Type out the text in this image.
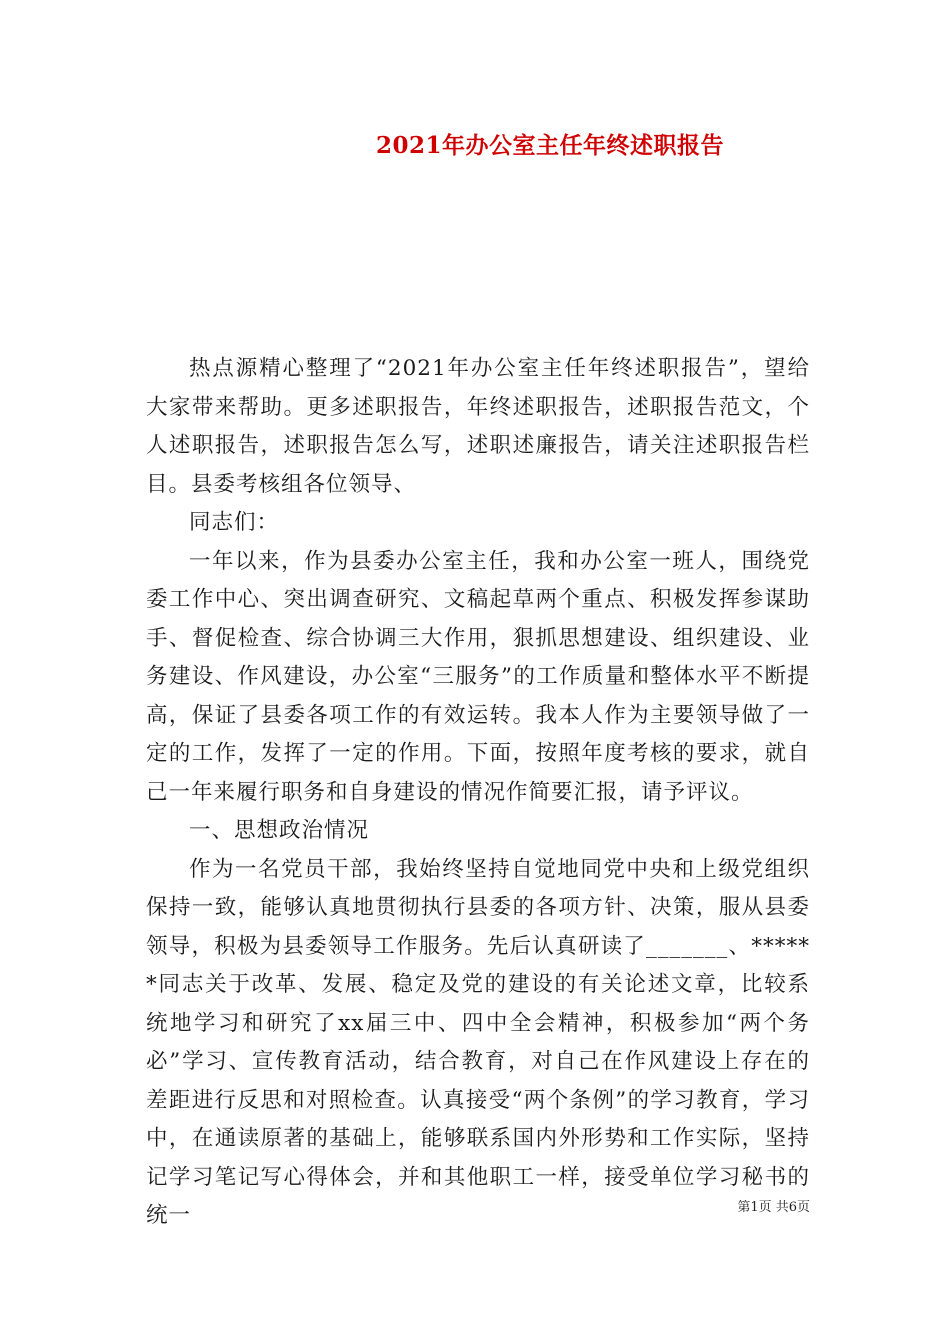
2021年办公室主任年终述职报告

热点源精心整理了“2021年办公室主任年终述职报告”，望给大家带来帮助。更多述职报告，年终述职报告，述职报告范文，个人述职报告，述职报告怎么写，述职述廉报告，请关注述职报告栏目。县委考核组各位领导、

同志们：

一年以来，作为县委办公室主任，我和办公室一班人，围绕党委工作中心、突出调查研究、文稿起草两个重点、积极发挥参谋助手、督促检查、综合协调三大作用，狠抓思想建设、组织建设、业务建设、作风建设，办公室“三服务”的工作质量和整体水平不断提高，保证了县委各项工作的有效运转。我本人作为主要领导做了一定的工作，发挥了一定的作用。下面，按照年度考核的要求，就自己一年来履行职务和自身建设的情况作简要汇报，请予评议。

一、思想政治情况

作为一名党员干部，我始终坚持自觉地同党中央和上级党组织保持一致，能够认真地贯彻执行县委的各项方针、决策，服从县委领导，积极为县委领导工作服务。先后认真研读了_______、******同志关于改革、发展、稳定及党的建设的有关论述文章，比较系统地学习和研究了xx届三中、四中全会精神，积极参加“两个务必”学习、宣传教育活动，结合教育，对自己在作风建设上存在的差距进行反思和对照检查。认真接受“两个条例”的学习教育，学习中，在通读原著的基础上，能够联系国内外形势和工作实际，坚持记学习笔记写心得体会，并和其他职工一样，接受单位学习秘书的统一	第1页 共6页
